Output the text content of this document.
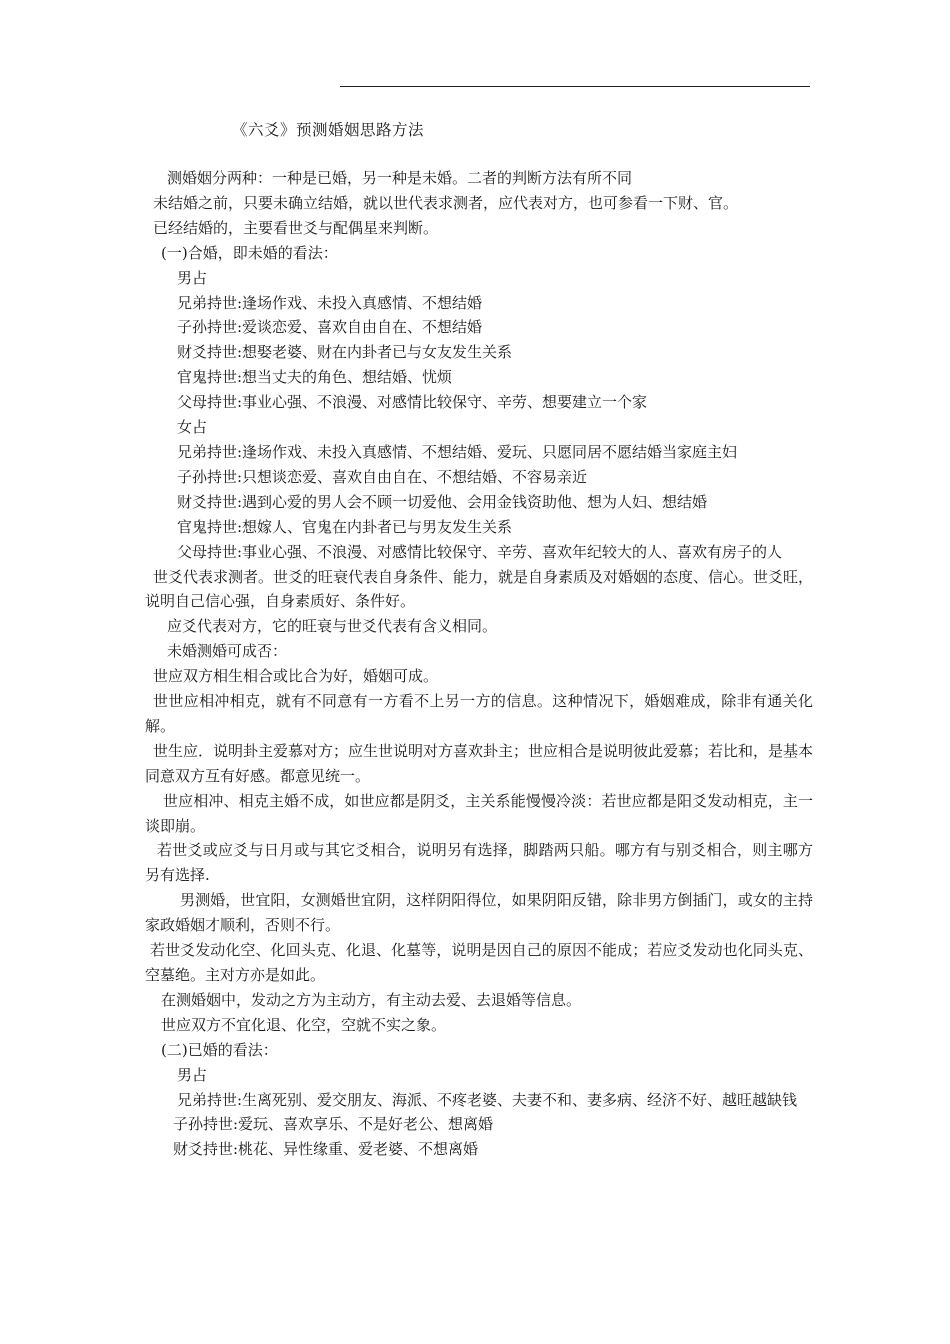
《六爻》预测婚姻思路方法
测婚姻分两种：一种是已婚，另一种是未婚。二者的判断方法有所不同
未结婚之前，只要未确立结婚，就以世代表求测者，应代表对方，也可参看一下财、官。
已经结婚的，主要看世爻与配偶星来判断。
(一)合婚，即未婚的看法：
男占
兄弟持世:逢场作戏、未投入真感情、不想结婚
子孙持世:爱谈恋爱、喜欢自由自在、不想结婚
财爻持世:想娶老婆、财在内卦者已与女友发生关系
官鬼持世:想当丈夫的角色、想结婚、忧烦
父母持世:事业心强、不浪漫、对感情比较保守、辛劳、想要建立一个家
女占
兄弟持世:逢场作戏、未投入真感情、不想结婚、爱玩、只愿同居不愿结婚当家庭主妇
子孙持世:只想谈恋爱、喜欢自由自在、不想结婚、不容易亲近
财爻持世:遇到心爱的男人会不顾一切爱他、会用金钱资助他、想为人妇、想结婚
官鬼持世:想嫁人、官鬼在内卦者已与男友发生关系
父母持世:事业心强、不浪漫、对感情比较保守、辛劳、喜欢年纪较大的人、喜欢有房子的人
世爻代表求测者。世爻的旺衰代表自身条件、能力，就是自身素质及对婚姻的态度、信心。世爻旺，说明自己信心强，自身素质好、条件好。
应爻代表对方，它的旺衰与世爻代表有含义相同。
未婚测婚可成否：
世应双方相生相合或比合为好，婚姻可成。
世世应相冲相克，就有不同意有一方看不上另一方的信息。这种情况下，婚姻难成，除非有通关化解。
世生应．说明卦主爱慕对方；应生世说明对方喜欢卦主；世应相合是说明彼此爱慕；若比和，是基本同意双方互有好感。都意见统一。
世应相冲、相克主婚不成，如世应都是阴爻，主关系能慢慢冷淡：若世应都是阳爻发动相克，主一谈即崩。
若世爻或应爻与日月或与其它爻相合，说明另有选择，脚踏两只船。哪方有与别爻相合，则主哪方另有选择.
男测婚，世宜阳，女测婚世宜阴，这样阴阳得位，如果阴阳反错，除非男方倒插门，或女的主持家政婚姻才顺利，否则不行。
若世爻发动化空、化回头克、化退、化墓等，说明是因自己的原因不能成；若应爻发动也化同头克、空墓绝。主对方亦是如此。
在测婚姻中，发动之方为主动方，有主动去爱、去退婚等信息。
世应双方不宜化退、化空，空就不实之象。
(二)已婚的看法：
男占
兄弟持世:生离死别、爱交朋友、海派、不疼老婆、夫妻不和、妻多病、经济不好、越旺越缺钱
子孙持世:爱玩、喜欢享乐、不是好老公、想离婚
财爻持世:桃花、异性缘重、爱老婆、不想离婚
